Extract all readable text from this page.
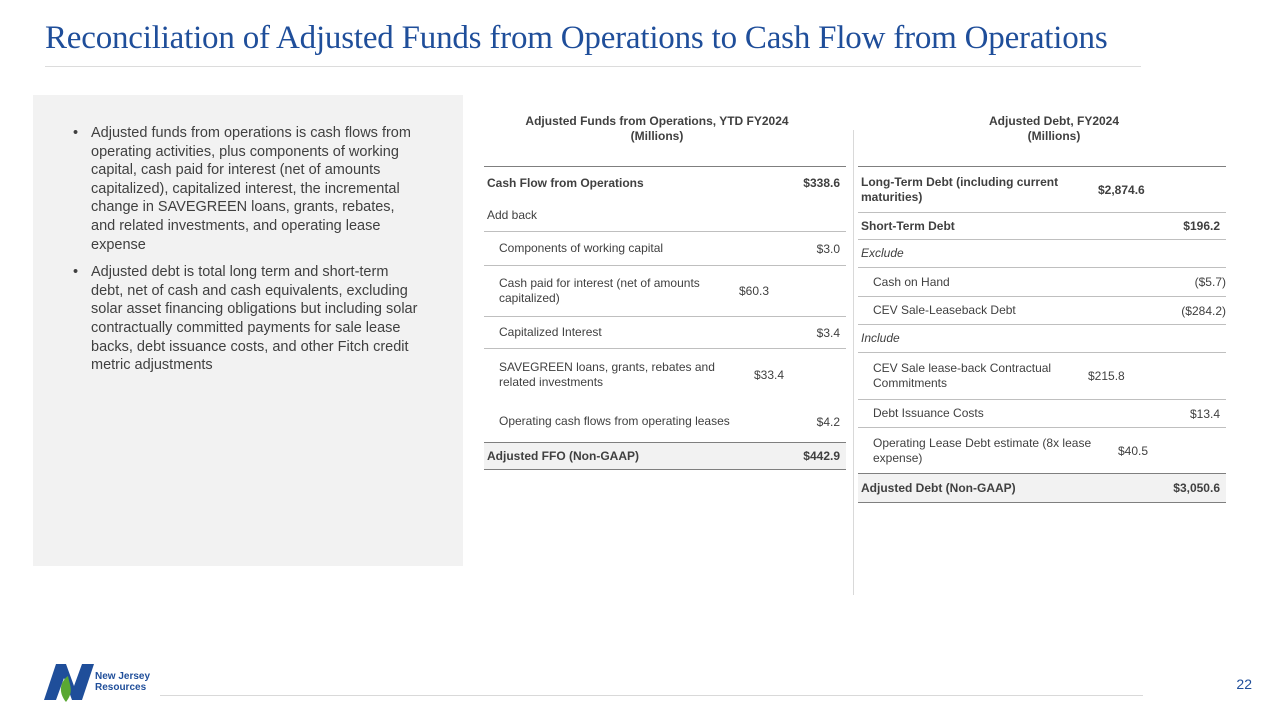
Reconciliation of Adjusted Funds from Operations to Cash Flow from Operations
• Adjusted funds from operations is cash flows from operating activities, plus components of working capital, cash paid for interest (net of amounts capitalized), capitalized interest, the incremental change in SAVEGREEN loans, grants, rebates, and related investments, and operating lease expense
• Adjusted debt is total long term and short-term debt, net of cash and cash equivalents, excluding solar asset financing obligations but including solar contractually committed payments for sale lease backs, debt issuance costs, and other Fitch credit metric adjustments
Adjusted Funds from Operations, YTD FY2024
(Millions)
Cash Flow from Operations	$338.6
Add back
Components of working capital	$3.0
Cash paid for interest (net of amounts capitalized)	$60.3
Capitalized Interest	$3.4
SAVEGREEN loans, grants, rebates and related investments	$33.4
Operating cash flows from operating leases	$4.2
Adjusted FFO (Non-GAAP)	$442.9
Adjusted Debt, FY2024
(Millions)
Long-Term Debt (including current maturities)	$2,874.6
Short-Term Debt	$196.2
Exclude
Cash on Hand	($5.7)
CEV Sale-Leaseback Debt	($284.2)
Include
CEV Sale lease-back Contractual Commitments	$215.8
Debt Issuance Costs	$13.4
Operating Lease Debt estimate (8x lease expense)	$40.5
Adjusted Debt (Non-GAAP)	$3,050.6
New Jersey
Resources	22
